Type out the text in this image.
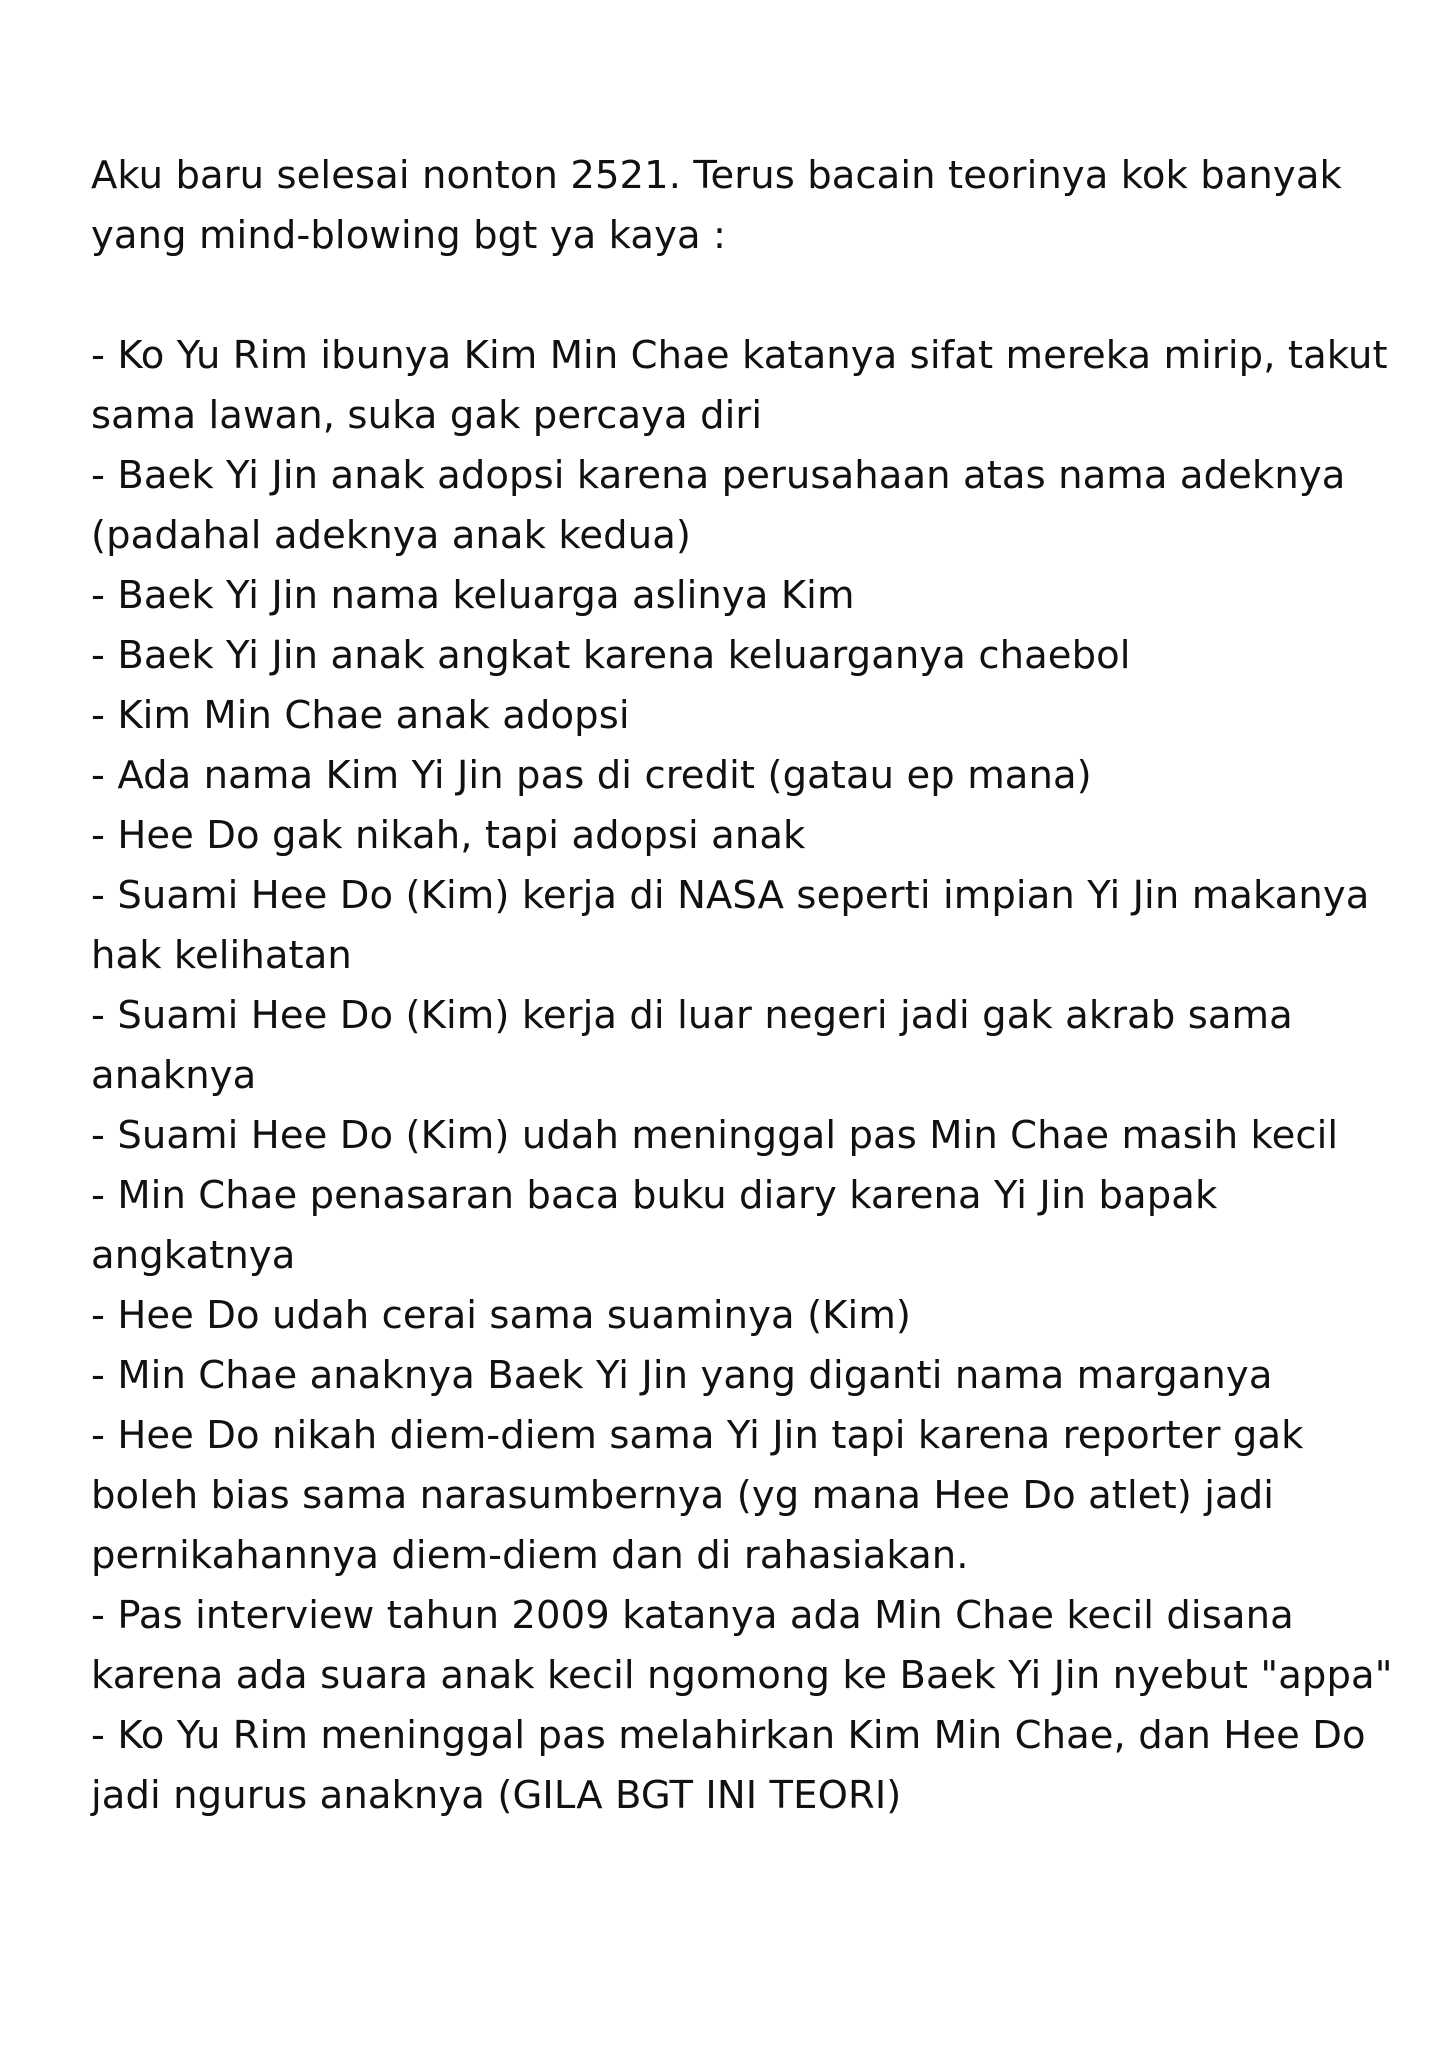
Aku baru selesai nonton 2521. Terus bacain teorinya kok banyak
yang mind-blowing bgt ya kaya :
- Ko Yu Rim ibunya Kim Min Chae katanya sifat mereka mirip, takut
sama lawan, suka gak percaya diri
- Baek Yi Jin anak adopsi karena perusahaan atas nama adeknya
(padahal adeknya anak kedua)
- Baek Yi Jin nama keluarga aslinya Kim
- Baek Yi Jin anak angkat karena keluarganya chaebol
- Kim Min Chae anak adopsi
- Ada nama Kim Yi Jin pas di credit (gatau ep mana)
- Hee Do gak nikah, tapi adopsi anak
- Suami Hee Do (Kim) kerja di NASA seperti impian Yi Jin makanya
hak kelihatan
- Suami Hee Do (Kim) kerja di luar negeri jadi gak akrab sama
anaknya
- Suami Hee Do (Kim) udah meninggal pas Min Chae masih kecil
- Min Chae penasaran baca buku diary karena Yi Jin bapak
angkatnya
- Hee Do udah cerai sama suaminya (Kim)
- Min Chae anaknya Baek Yi Jin yang diganti nama marganya
- Hee Do nikah diem-diem sama Yi Jin tapi karena reporter gak
boleh bias sama narasumbernya (yg mana Hee Do atlet) jadi
pernikahannya diem-diem dan di rahasiakan.
- Pas interview tahun 2009 katanya ada Min Chae kecil disana
karena ada suara anak kecil ngomong ke Baek Yi Jin nyebut "appa"
- Ko Yu Rim meninggal pas melahirkan Kim Min Chae, dan Hee Do
jadi ngurus anaknya (GILA BGT INI TEORI)
